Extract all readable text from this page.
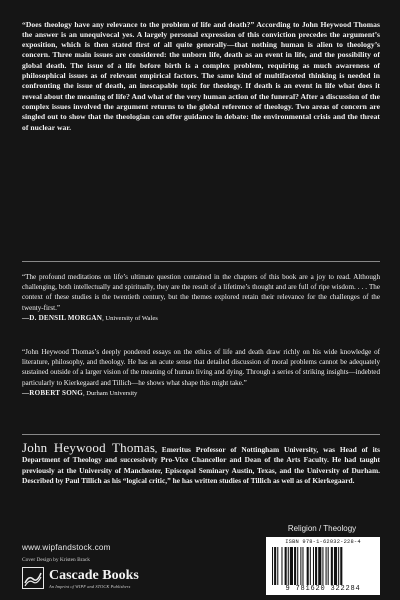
“Does theology have any relevance to the problem of life and death?” According to John Heywood Thomas the answer is an unequivocal yes. A largely personal expression of this conviction precedes the argument’s exposition, which is then stated first of all quite generally—that nothing human is alien to theology’s concern. Three main issues are considered: the unborn life, death as an event in life, and the possibility of global death. The issue of a life before birth is a complex problem, requiring as much awareness of philosophical issues as of relevant empirical factors. The same kind of multifaceted thinking is needed in confronting the issue of death, an inescapable topic for theology. If death is an event in life what does it reveal about the meaning of life? And what of the very human action of the funeral? After a discussion of the complex issues involved the argument returns to the global reference of theology. Two areas of concern are singled out to show that the theologian can offer guidance in debate: the environmental crisis and the threat of nuclear war.

“The profound meditations on life’s ultimate question contained in the chapters of this book are a joy to read. Although challenging, both intellectually and spiritually, they are the result of a lifetime’s thought and are full of ripe wisdom. . . . The context of these studies is the twentieth century, but the themes explored retain their relevance for the challenges of the twenty-first.”
—D. DENSIL MORGAN, University of Wales
“John Heywood Thomas’s deeply pondered essays on the ethics of life and death draw richly on his wide knowledge of literature, philosophy, and theology. He has an acute sense that detailed discussion of moral problems cannot be adequately sustained outside of a larger vision of the meaning of human living and dying. Through a series of striking insights—indebted particularly to Kierkegaard and Tillich—he shows what shape this might take.”
—ROBERT SONG, Durham University

John Heywood Thomas, Emeritus Professor of Nottingham University, was Head of its Department of Theology and successively Pro-Vice Chancellor and Dean of the Arts Faculty. He had taught previously at the University of Manchester, Episcopal Seminary Austin, Texas, and the University of Durham. Described by Paul Tillich as his “logical critic,” he has written studies of Tillich as well as of Kierkegaard.

Religion / Theology
ISBN 978-1-62032-228-4
9 781620 322284
www.wipfandstock.com
Cover Design by Kristen Brack
Cascade Books
An Imprint of WIPF and STOCK Publishers
